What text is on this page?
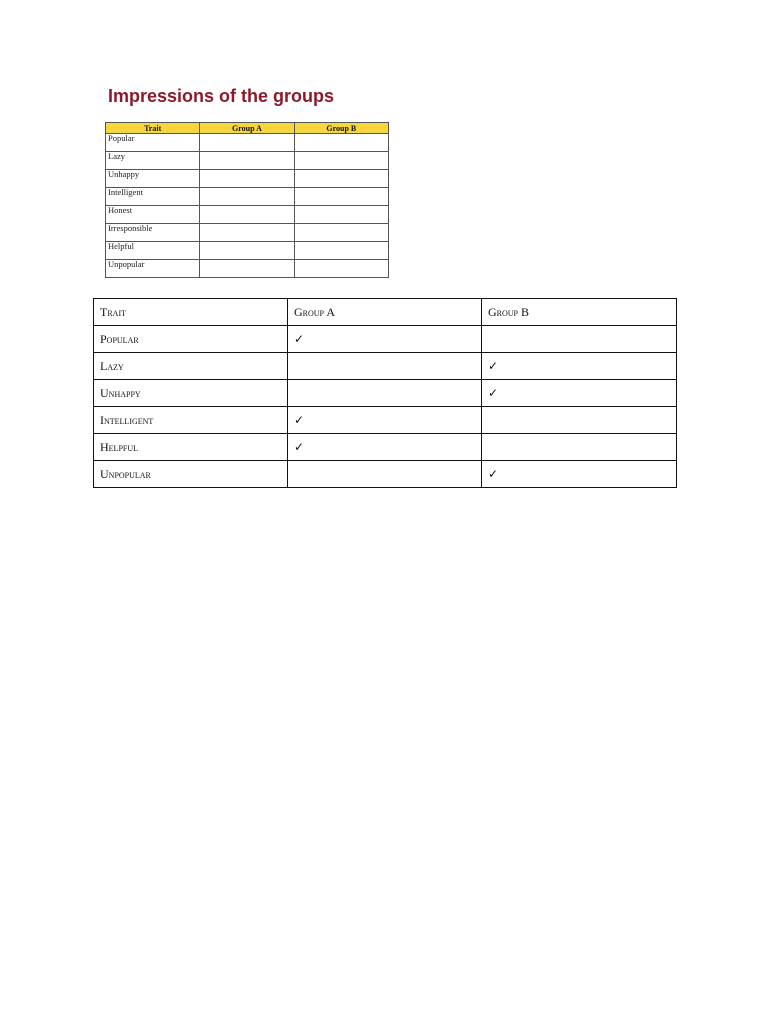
Impressions of the groups
Trait	Group A	Group B
Popular		
Lazy		
Unhappy		
Intelligent		
Honest		
Irresponsible		
Helpful		
Unpopular		
Trait	Group A	Group B
Popular	✓	
Lazy		✓
Unhappy		✓
Intelligent	✓	
Helpful	✓	
Unpopular		✓
